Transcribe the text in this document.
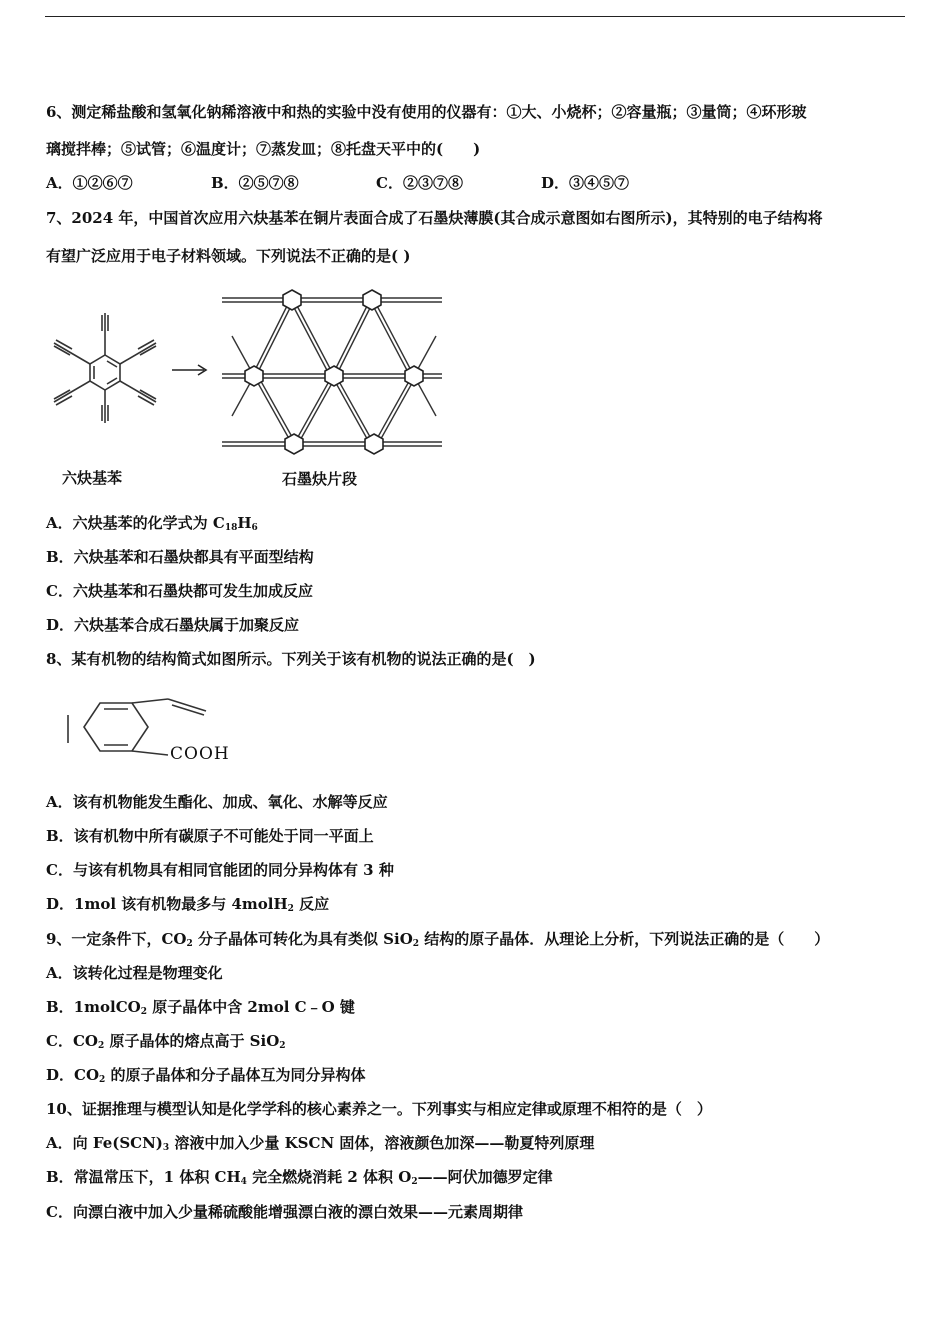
6、测定稀盐酸和氢氧化钠稀溶液中和热的实验中没有使用的仪器有：①大、小烧杯；②容量瓶；③量筒；④环形玻
璃搅拌棒；⑤试管；⑥温度计；⑦蒸发皿；⑧托盘天平中的(　　)
A．①②⑥⑦	B．②⑤⑦⑧	C．②③⑦⑧	D．③④⑤⑦
7、2024 年，中国首次应用六炔基苯在铜片表面合成了石墨炔薄膜(其合成示意图如右图所示)，其特别的电子结构将
有望广泛应用于电子材料领域。下列说法不正确的是( )
六炔基苯	石墨炔片段
A．六炔基苯的化学式为 $C_{18}H_6$
B．六炔基苯和石墨炔都具有平面型结构
C．六炔基苯和石墨炔都可发生加成反应
D．六炔基苯合成石墨炔属于加聚反应
8、某有机物的结构简式如图所示。下列关于该有机物的说法正确的是(　)
COOH
A．该有机物能发生酯化、加成、氧化、水解等反应
B．该有机物中所有碳原子不可能处于同一平面上
C．与该有机物具有相同官能团的同分异构体有 3 种
D．1mol 该有机物最多与 4molH$_2$ 反应
9、一定条件下，$CO_2$ 分子晶体可转化为具有类似 SiO$_2$ 结构的原子晶体．从理论上分析，下列说法正确的是（　　）
A．该转化过程是物理变化
B．1molCO$_2$ 原子晶体中含 2mol C﹣O 键
C．$CO_2$ 原子晶体的熔点高于 SiO$_2$
D．$CO_2$ 的原子晶体和分子晶体互为同分异构体
10、证据推理与模型认知是化学学科的核心素养之一。下列事实与相应定律或原理不相符的是（　）
A．向 $Fe(SCN)_3$ 溶液中加入少量 KSCN 固体，溶液颜色加深——勒夏特列原理
B．常温常压下，1 体积 $CH_4$ 完全燃烧消耗 2 体积 $O_2——$阿伏加德罗定律
C．向漂白液中加入少量稀硫酸能增强漂白液的漂白效果——元素周期律
